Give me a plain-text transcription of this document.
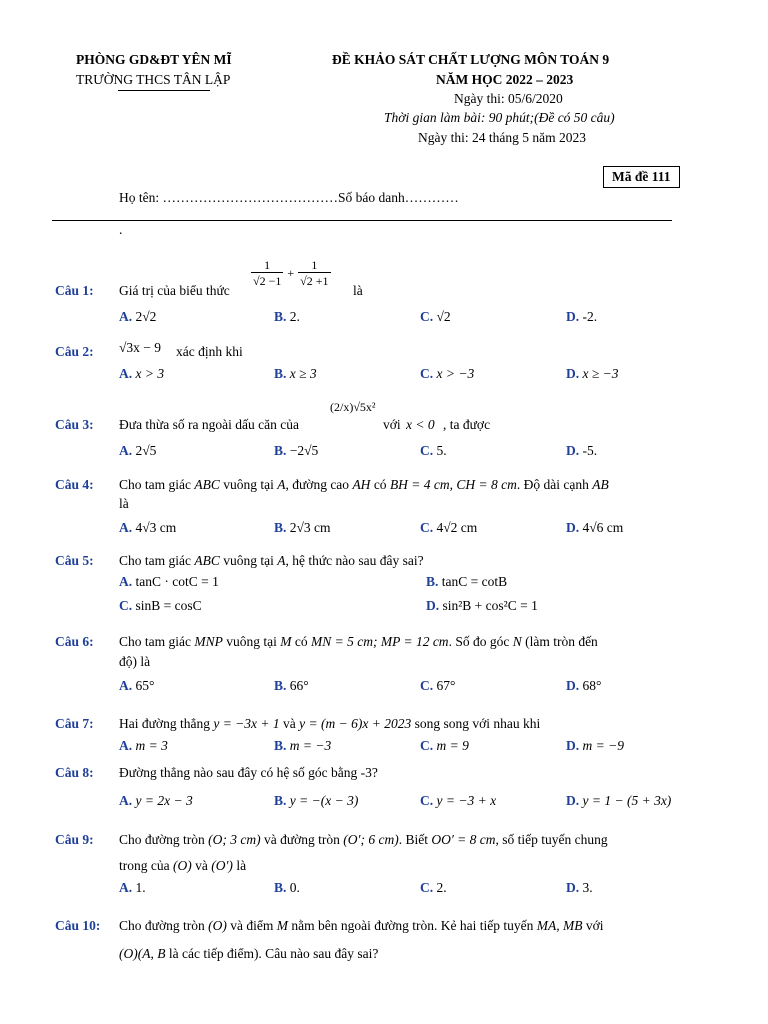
PHÒNG GD&ĐT YÊN MĨ
TRƯỜNG THCS TÂN LẬP
ĐỀ KHẢO SÁT CHẤT LƯỢNG MÔN TOÁN 9
NĂM HỌC 2022 – 2023
Ngày thi: 05/6/2020
Thời gian làm bài: 90 phút;(Đề có 50 câu)
Ngày thi: 24 tháng 5 năm 2023
Mã đề 111
Họ tên: …………………………………Số báo danh…………
.
Câu 1: Giá trị của biểu thức
$\frac{1}{√2 -1} + \frac{1}{√2 +1}$
là
A. 2√2	B. 2.	C. √2	D. -2.
Câu 2: √3x − 9 xác định khi
A. x > 3	B. x ≥ 3	C. x > −3	D. x ≥ −3
Câu 3: Đưa thừa số ra ngoài dấu căn của
(2/x)√5x²
với x < 0 , ta được
A. 2√5	B. −2√5	C. 5.	D. -5.
Câu 4: Cho tam giác ABC vuông tại A, đường cao AH có BH = 4 cm, CH = 8 cm. Độ dài cạnh AB
là
A. 4√3 cm	B. 2√3 cm	C. 4√2 cm	D. 4√6 cm
Câu 5: Cho tam giác ABC vuông tại A, hệ thức nào sau đây sai?
A. tanC · cotC = 1	B. tanC = cotB
C. sinB = cosC	D. sin²B + cos²C = 1
Câu 6: Cho tam giác MNP vuông tại M có MN = 5 cm; MP = 12 cm. Số đo góc N (làm tròn đến
độ) là
A. 65°	B. 66°	C. 67°	D. 68°
Câu 7: Hai đường thẳng y = −3x + 1 và y = (m − 6)x + 2023 song song với nhau khi
A. m = 3	B. m = −3	C. m = 9	D. m = −9
Câu 8: Đường thẳng nào sau đây có hệ số góc bằng -3?
A. y = 2x − 3	B. y = −(x − 3)	C. y = −3 + x	D. y = 1 − (5 + 3x)
Câu 9: Cho đường tròn (O; 3 cm) và đường tròn (O′; 6 cm). Biết OO′ = 8 cm, số tiếp tuyến chung
trong của (O) và (O′) là
A. 1.	B. 0.	C. 2.	D. 3.
Câu 10: Cho đường tròn (O) và điểm M nằm bên ngoài đường tròn. Kẻ hai tiếp tuyến MA, MB với
(O)(A, B là các tiếp điểm). Câu nào sau đây sai?
